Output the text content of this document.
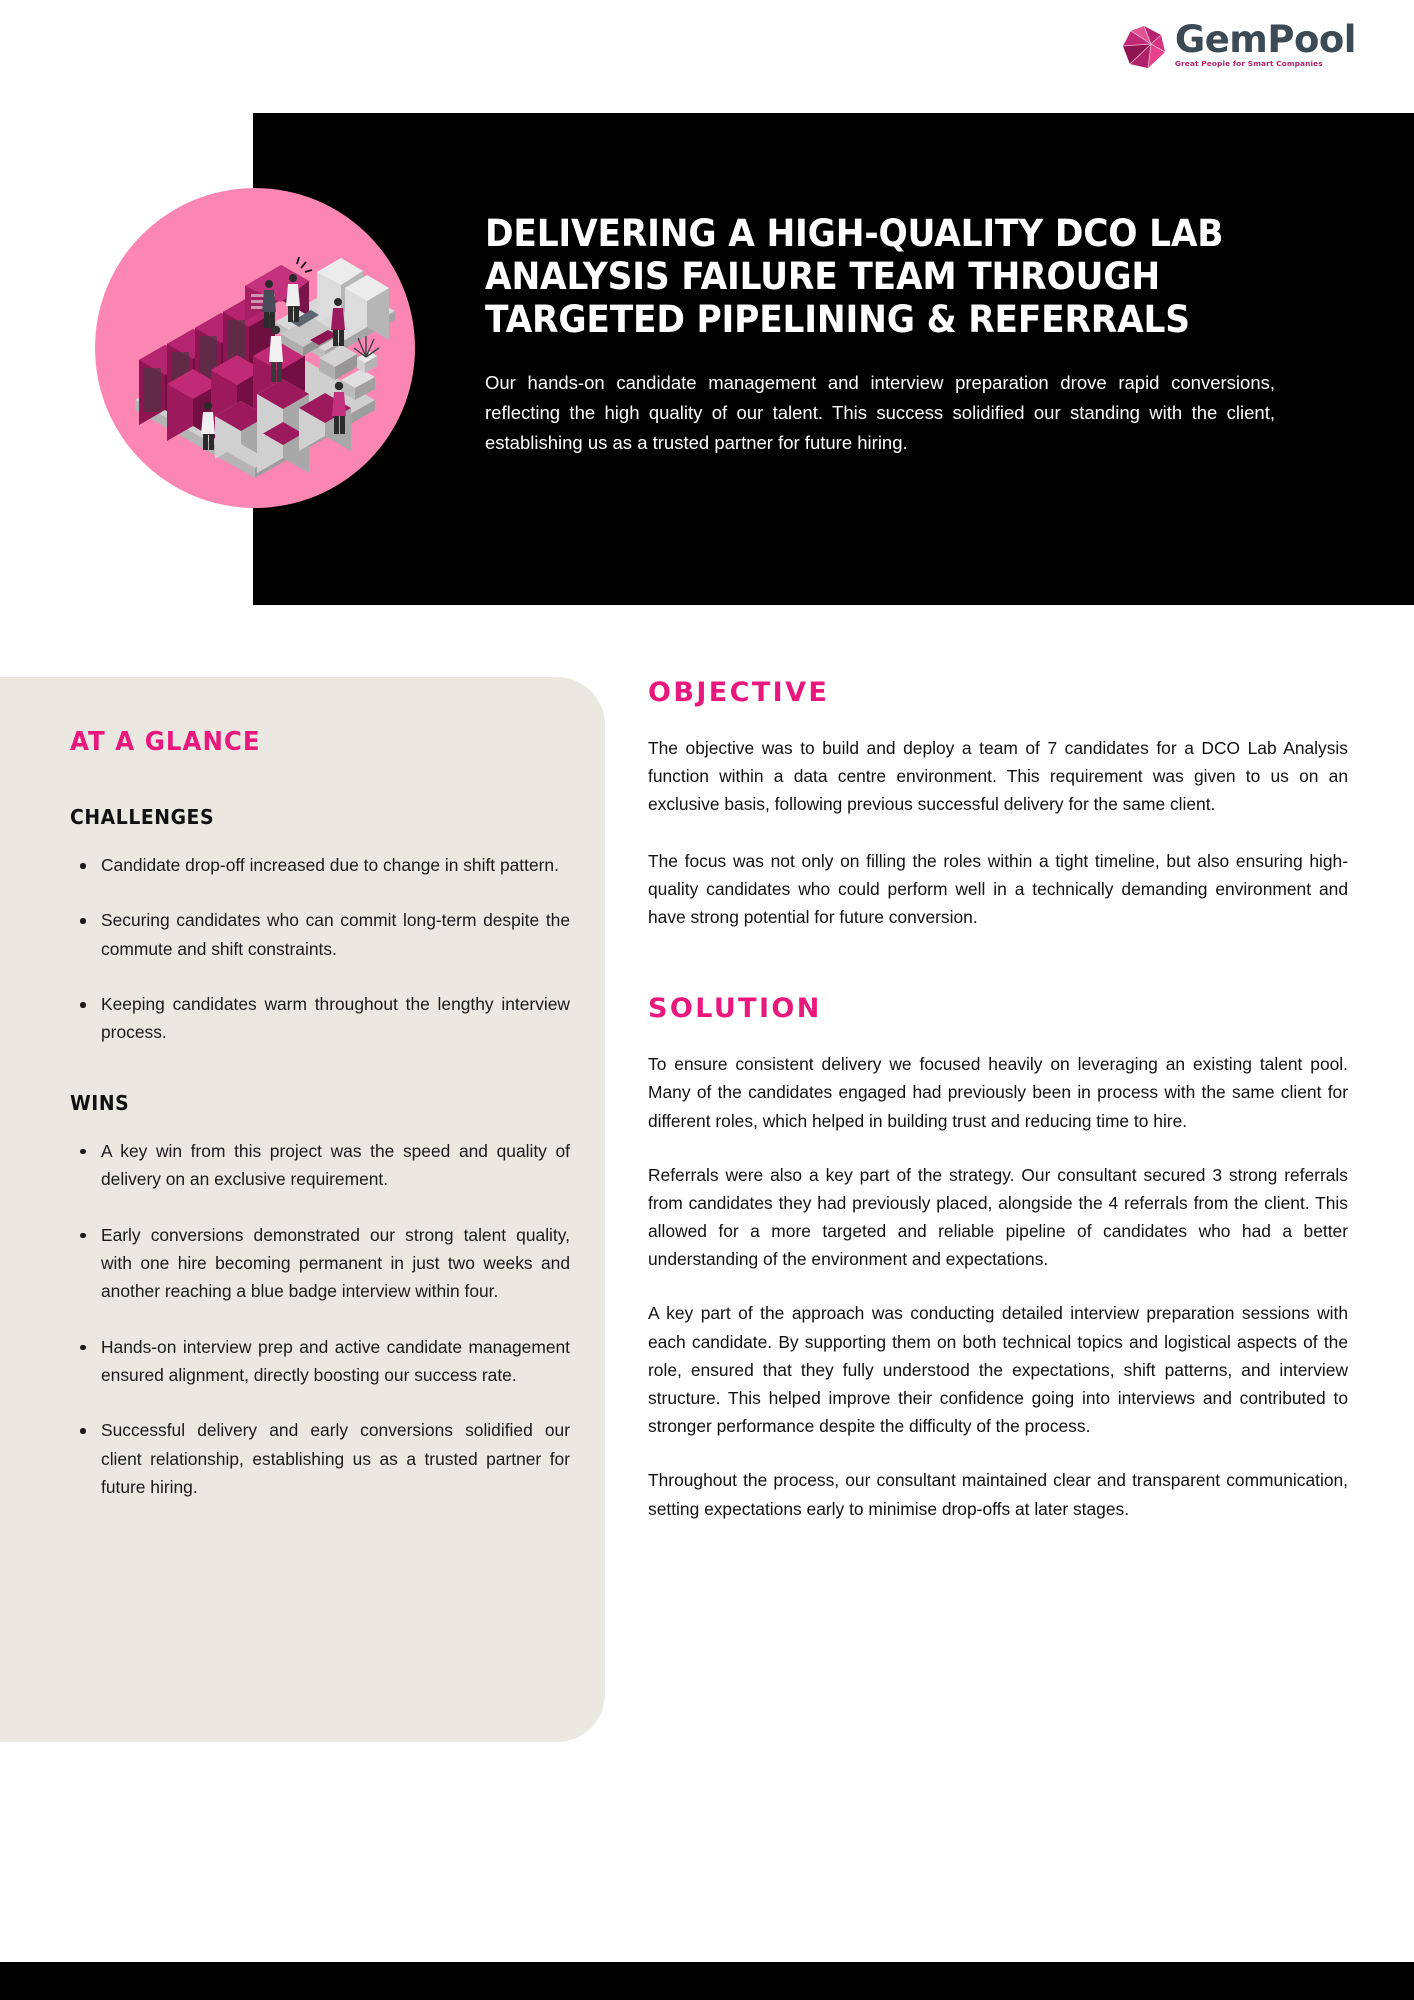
GemPool
Great People for Smart Companies
DELIVERING A HIGH-QUALITY DCO LAB ANALYSIS FAILURE TEAM THROUGH TARGETED PIPELINING & REFERRALS

Our hands-on candidate management and interview preparation drove rapid conversions, reflecting the high quality of our talent. This success solidified our standing with the client, establishing us as a trusted partner for future hiring.

AT A GLANCE
CHALLENGES
Candidate drop-off increased due to change in shift pattern.
Securing candidates who can commit long-term despite the commute and shift constraints.
Keeping candidates warm throughout the lengthy interview process.
WINS
A key win from this project was the speed and quality of delivery on an exclusive requirement.
Early conversions demonstrated our strong talent quality, with one hire becoming permanent in just two weeks and another reaching a blue badge interview within four.
Hands-on interview prep and active candidate management ensured alignment, directly boosting our success rate.
Successful delivery and early conversions solidified our client relationship, establishing us as a trusted partner for future hiring.
OBJECTIVE

The objective was to build and deploy a team of 7 candidates for a DCO Lab Analysis function within a data centre environment. This requirement was given to us on an exclusive basis, following previous successful delivery for the same client.

The focus was not only on filling the roles within a tight timeline, but also ensuring high-quality candidates who could perform well in a technically demanding environment and have strong potential for future conversion.

SOLUTION

To ensure consistent delivery we focused heavily on leveraging an existing talent pool. Many of the candidates engaged had previously been in process with the same client for different roles, which helped in building trust and reducing time to hire.

Referrals were also a key part of the strategy. Our consultant secured 3 strong referrals from candidates they had previously placed, alongside the 4 referrals from the client. This allowed for a more targeted and reliable pipeline of candidates who had a better understanding of the environment and expectations.

A key part of the approach was conducting detailed interview preparation sessions with each candidate. By supporting them on both technical topics and logistical aspects of the role, ensured that they fully understood the expectations, shift patterns, and interview structure. This helped improve their confidence going into interviews and contributed to stronger performance despite the difficulty of the process.

Throughout the process, our consultant maintained clear and transparent communication, setting expectations early to minimise drop-offs at later stages.
